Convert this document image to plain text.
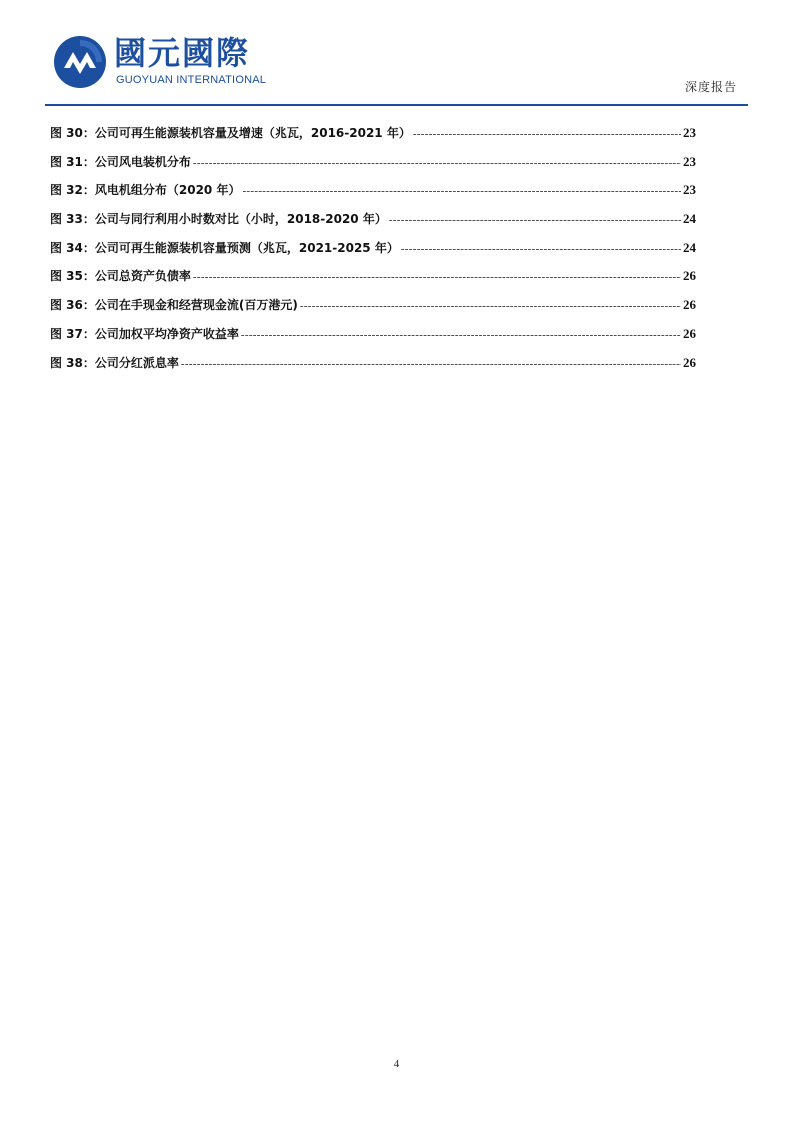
國元國際
GUOYUAN INTERNATIONAL	深度报告
图 30：公司可再生能源装机容量及增速（兆瓦，2016-2021 年） -----	23
图 31：公司风电装机分布 -----	23
图 32：风电机组分布（2020 年） -----	23
图 33：公司与同行利用小时数对比（小时，2018-2020 年） -----	24
图 34：公司可再生能源装机容量预测（兆瓦，2021-2025 年） -----	24
图 35：公司总资产负债率 -----	26
图 36：公司在手现金和经营现金流(百万港元) -----	26
图 37：公司加权平均净资产收益率 -----	26
图 38：公司分红派息率 -----	26
4
